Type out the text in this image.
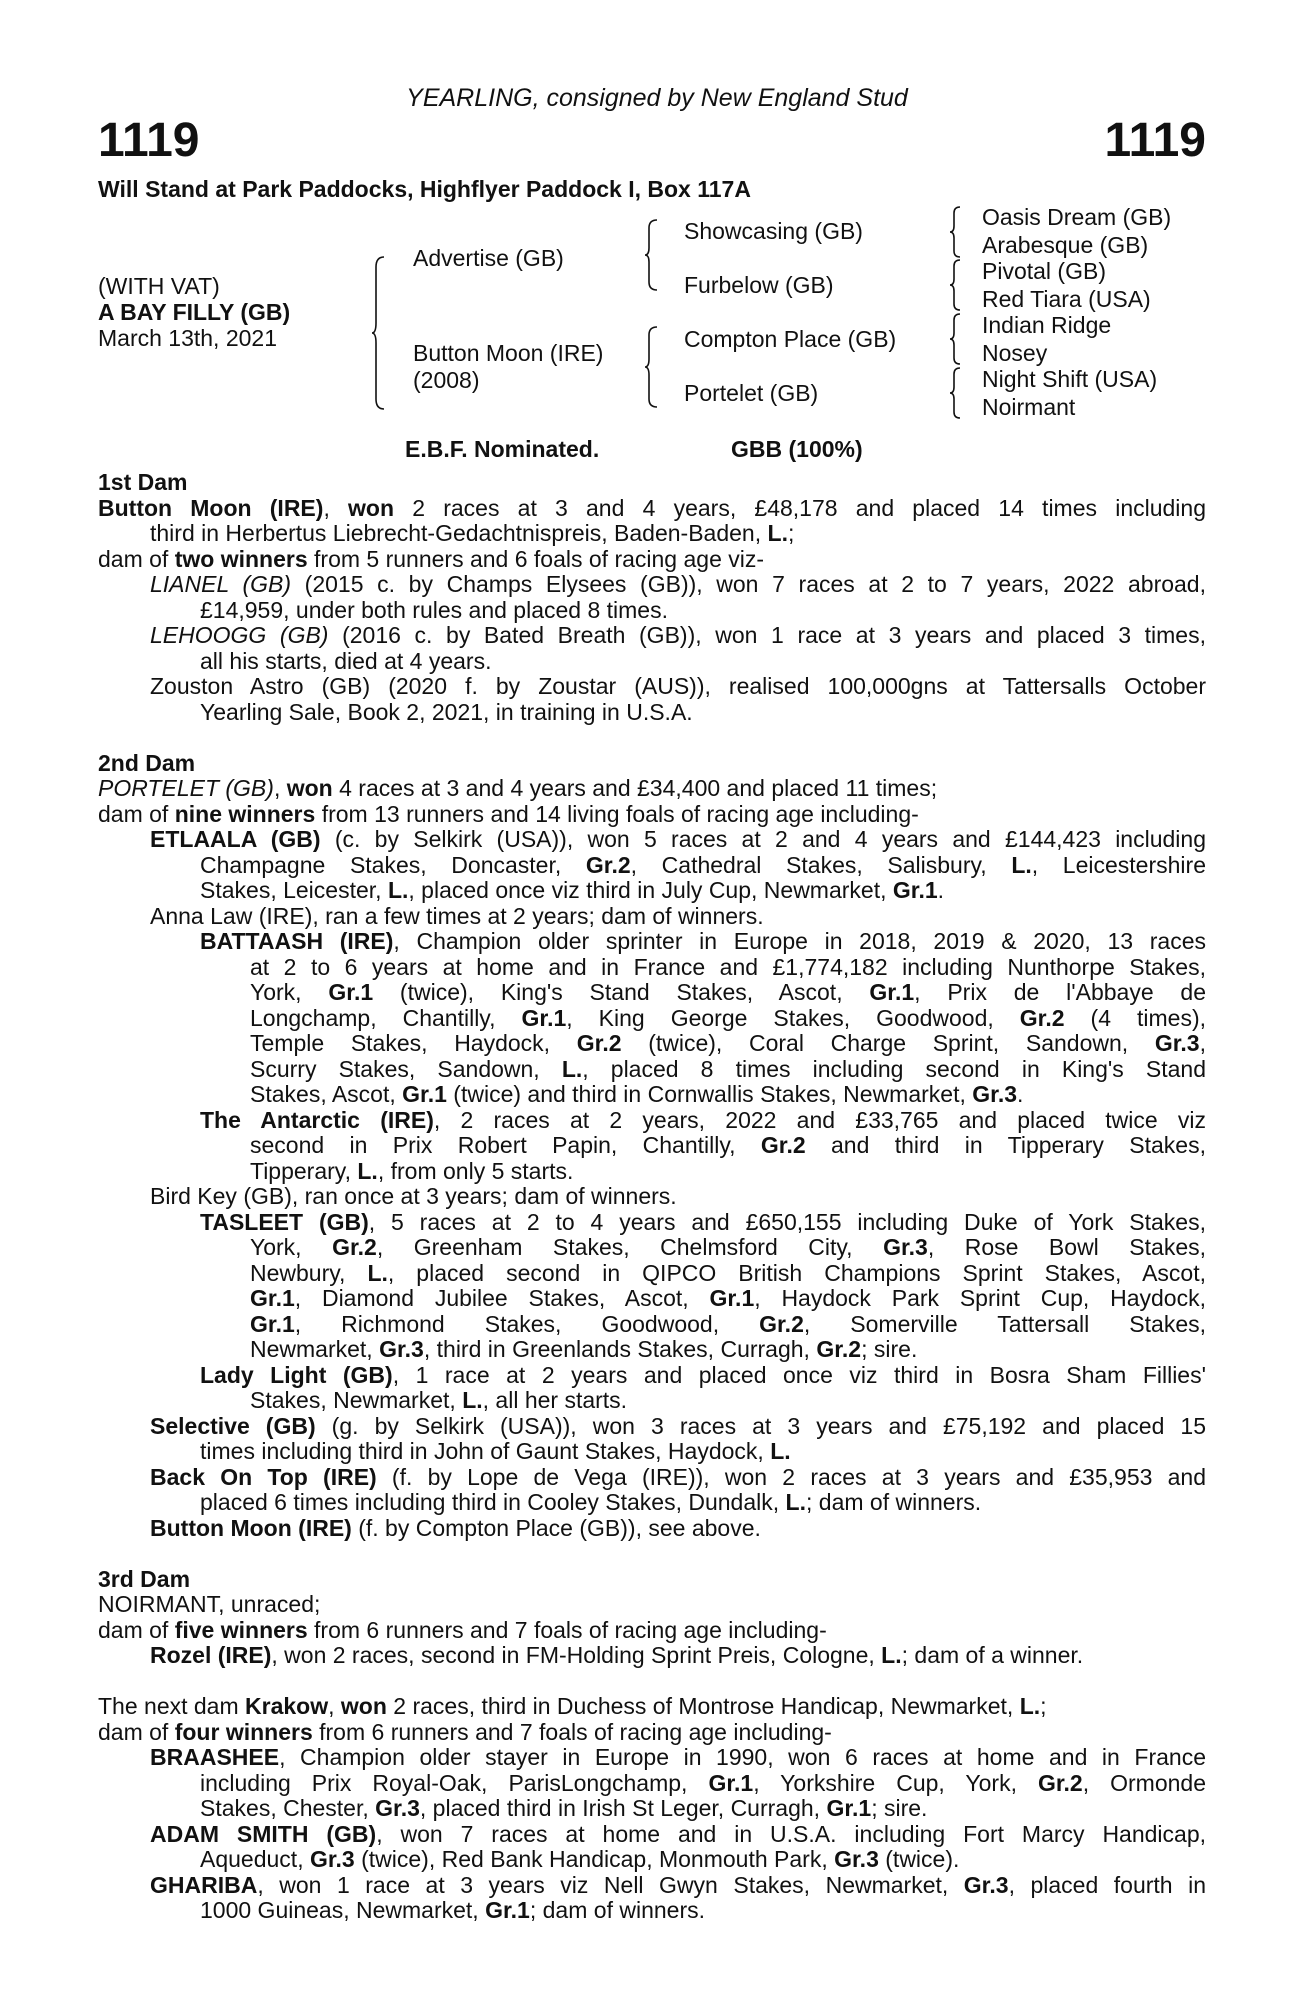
YEARLING, consigned by New England Stud
1119	1119
Will Stand at Park Paddocks, Highflyer Paddock I, Box 117A
(WITH VAT)
A BAY FILLY (GB)
March 13th, 2021
Advertise (GB)
Button Moon (IRE)
(2008)
Showcasing (GB)
Furbelow (GB)
Compton Place (GB)
Portelet (GB)
Oasis Dream (GB)
Arabesque (GB)
Pivotal (GB)
Red Tiara (USA)
Indian Ridge
Nosey
Night Shift (USA)
Noirmant
E.B.F. Nominated.	GBB (100%)
1st Dam
Button Moon (IRE), won 2 races at 3 and 4 years, £48,178 and placed 14 times including
third in Herbertus Liebrecht-Gedachtnispreis, Baden-Baden, L.;
dam of two winners from 5 runners and 6 foals of racing age viz-
LIANEL (GB) (2015 c. by Champs Elysees (GB)), won 7 races at 2 to 7 years, 2022 abroad,
£14,959, under both rules and placed 8 times.
LEHOOGG (GB) (2016 c. by Bated Breath (GB)), won 1 race at 3 years and placed 3 times,
all his starts, died at 4 years.
Zouston Astro (GB) (2020 f. by Zoustar (AUS)), realised 100,000gns at Tattersalls October
Yearling Sale, Book 2, 2021, in training in U.S.A.
2nd Dam
PORTELET (GB), won 4 races at 3 and 4 years and £34,400 and placed 11 times;
dam of nine winners from 13 runners and 14 living foals of racing age including-
ETLAALA (GB) (c. by Selkirk (USA)), won 5 races at 2 and 4 years and £144,423 including
Champagne Stakes, Doncaster, Gr.2, Cathedral Stakes, Salisbury, L., Leicestershire
Stakes, Leicester, L., placed once viz third in July Cup, Newmarket, Gr.1.
Anna Law (IRE), ran a few times at 2 years; dam of winners.
BATTAASH (IRE), Champion older sprinter in Europe in 2018, 2019 & 2020, 13 races
at 2 to 6 years at home and in France and £1,774,182 including Nunthorpe Stakes,
York, Gr.1 (twice), King's Stand Stakes, Ascot, Gr.1, Prix de l'Abbaye de
Longchamp, Chantilly, Gr.1, King George Stakes, Goodwood, Gr.2 (4 times),
Temple Stakes, Haydock, Gr.2 (twice), Coral Charge Sprint, Sandown, Gr.3,
Scurry Stakes, Sandown, L., placed 8 times including second in King's Stand
Stakes, Ascot, Gr.1 (twice) and third in Cornwallis Stakes, Newmarket, Gr.3.
The Antarctic (IRE), 2 races at 2 years, 2022 and £33,765 and placed twice viz
second in Prix Robert Papin, Chantilly, Gr.2 and third in Tipperary Stakes,
Tipperary, L., from only 5 starts.
Bird Key (GB), ran once at 3 years; dam of winners.
TASLEET (GB), 5 races at 2 to 4 years and £650,155 including Duke of York Stakes,
York, Gr.2, Greenham Stakes, Chelmsford City, Gr.3, Rose Bowl Stakes,
Newbury, L., placed second in QIPCO British Champions Sprint Stakes, Ascot,
Gr.1, Diamond Jubilee Stakes, Ascot, Gr.1, Haydock Park Sprint Cup, Haydock,
Gr.1, Richmond Stakes, Goodwood, Gr.2, Somerville Tattersall Stakes,
Newmarket, Gr.3, third in Greenlands Stakes, Curragh, Gr.2; sire.
Lady Light (GB), 1 race at 2 years and placed once viz third in Bosra Sham Fillies'
Stakes, Newmarket, L., all her starts.
Selective (GB) (g. by Selkirk (USA)), won 3 races at 3 years and £75,192 and placed 15
times including third in John of Gaunt Stakes, Haydock, L.
Back On Top (IRE) (f. by Lope de Vega (IRE)), won 2 races at 3 years and £35,953 and
placed 6 times including third in Cooley Stakes, Dundalk, L.; dam of winners.
Button Moon (IRE) (f. by Compton Place (GB)), see above.
3rd Dam
NOIRMANT, unraced;
dam of five winners from 6 runners and 7 foals of racing age including-
Rozel (IRE), won 2 races, second in FM-Holding Sprint Preis, Cologne, L.; dam of a winner.
The next dam Krakow, won 2 races, third in Duchess of Montrose Handicap, Newmarket, L.;
dam of four winners from 6 runners and 7 foals of racing age including-
BRAASHEE, Champion older stayer in Europe in 1990, won 6 races at home and in France
including Prix Royal-Oak, ParisLongchamp, Gr.1, Yorkshire Cup, York, Gr.2, Ormonde
Stakes, Chester, Gr.3, placed third in Irish St Leger, Curragh, Gr.1; sire.
ADAM SMITH (GB), won 7 races at home and in U.S.A. including Fort Marcy Handicap,
Aqueduct, Gr.3 (twice), Red Bank Handicap, Monmouth Park, Gr.3 (twice).
GHARIBA, won 1 race at 3 years viz Nell Gwyn Stakes, Newmarket, Gr.3, placed fourth in
1000 Guineas, Newmarket, Gr.1; dam of winners.
